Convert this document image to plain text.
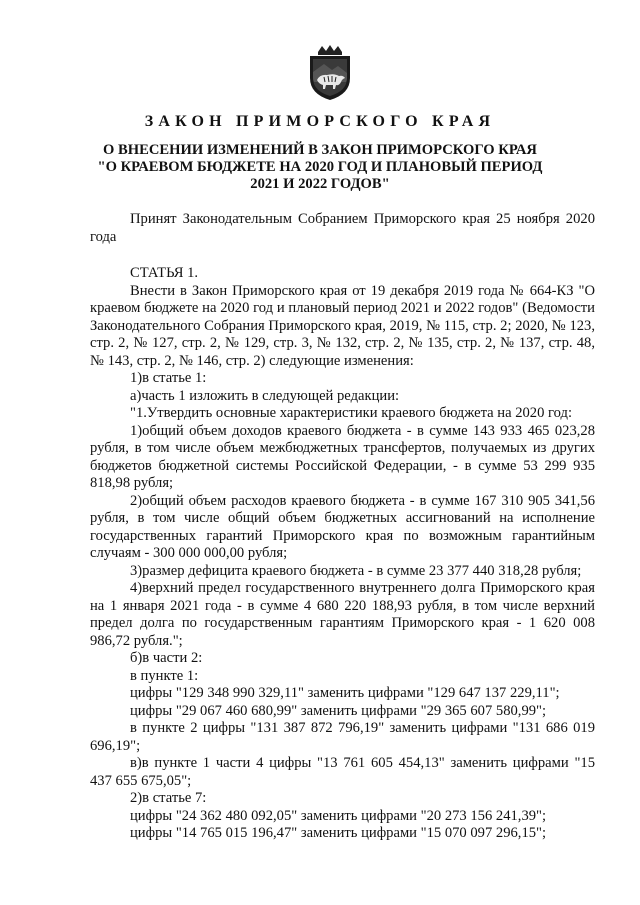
ЗАКОН ПРИМОРСКОГО КРАЯ
О ВНЕСЕНИИ ИЗМЕНЕНИЙ В ЗАКОН ПРИМОРСКОГО КРАЯ
"О КРАЕВОМ БЮДЖЕТЕ НА 2020 ГОД И ПЛАНОВЫЙ ПЕРИОД
2021 И 2022 ГОДОВ"

Принят Законодательным Собранием Приморского края 25 ноября 2020 года

СТАТЬЯ 1.

Внести в Закон Приморского края от 19 декабря 2019 года № 664-КЗ "О краевом бюджете на 2020 год и плановый период 2021 и 2022 годов" (Ведомости Законодательного Собрания Приморского края, 2019, № 115, стр. 2; 2020, № 123, стр. 2, № 127, стр. 2, № 129, стр. 3, № 132, стр. 2, № 135, стр. 2, № 137, стр. 48, № 143, стр. 2, № 146, стр. 2) следующие изменения:

1)в статье 1:

а)часть 1 изложить в следующей редакции:

"1.Утвердить основные характеристики краевого бюджета на 2020 год:

1)общий объем доходов краевого бюджета - в сумме 143 933 465 023,28 рубля, в том числе объем межбюджетных трансфертов, получаемых из других бюджетов бюджетной системы Российской Федерации, - в сумме 53 299 935 818,98 рубля;

2)общий объем расходов краевого бюджета - в сумме 167 310 905 341,56 рубля, в том числе общий объем бюджетных ассигнований на исполнение государственных гарантий Приморского края по возможным гарантийным случаям - 300 000 000,00 рубля;

3)размер дефицита краевого бюджета - в сумме 23 377 440 318,28 рубля;

4)верхний предел государственного внутреннего долга Приморского края на 1 января 2021 года - в сумме 4 680 220 188,93 рубля, в том числе верхний предел долга по государственным гарантиям Приморского края - 1 620 008 986,72 рубля.";

б)в части 2:

в пункте 1:

цифры "129 348 990 329,11" заменить цифрами "129 647 137 229,11";

цифры "29 067 460 680,99" заменить цифрами "29 365 607 580,99";

в пункте 2 цифры "131 387 872 796,19" заменить цифрами "131 686 019 696,19";

в)в пункте 1 части 4 цифры "13 761 605 454,13" заменить цифрами "15 437 655 675,05";

2)в статье 7:

цифры "24 362 480 092,05" заменить цифрами "20 273 156 241,39";

цифры "14 765 015 196,47" заменить цифрами "15 070 097 296,15";
